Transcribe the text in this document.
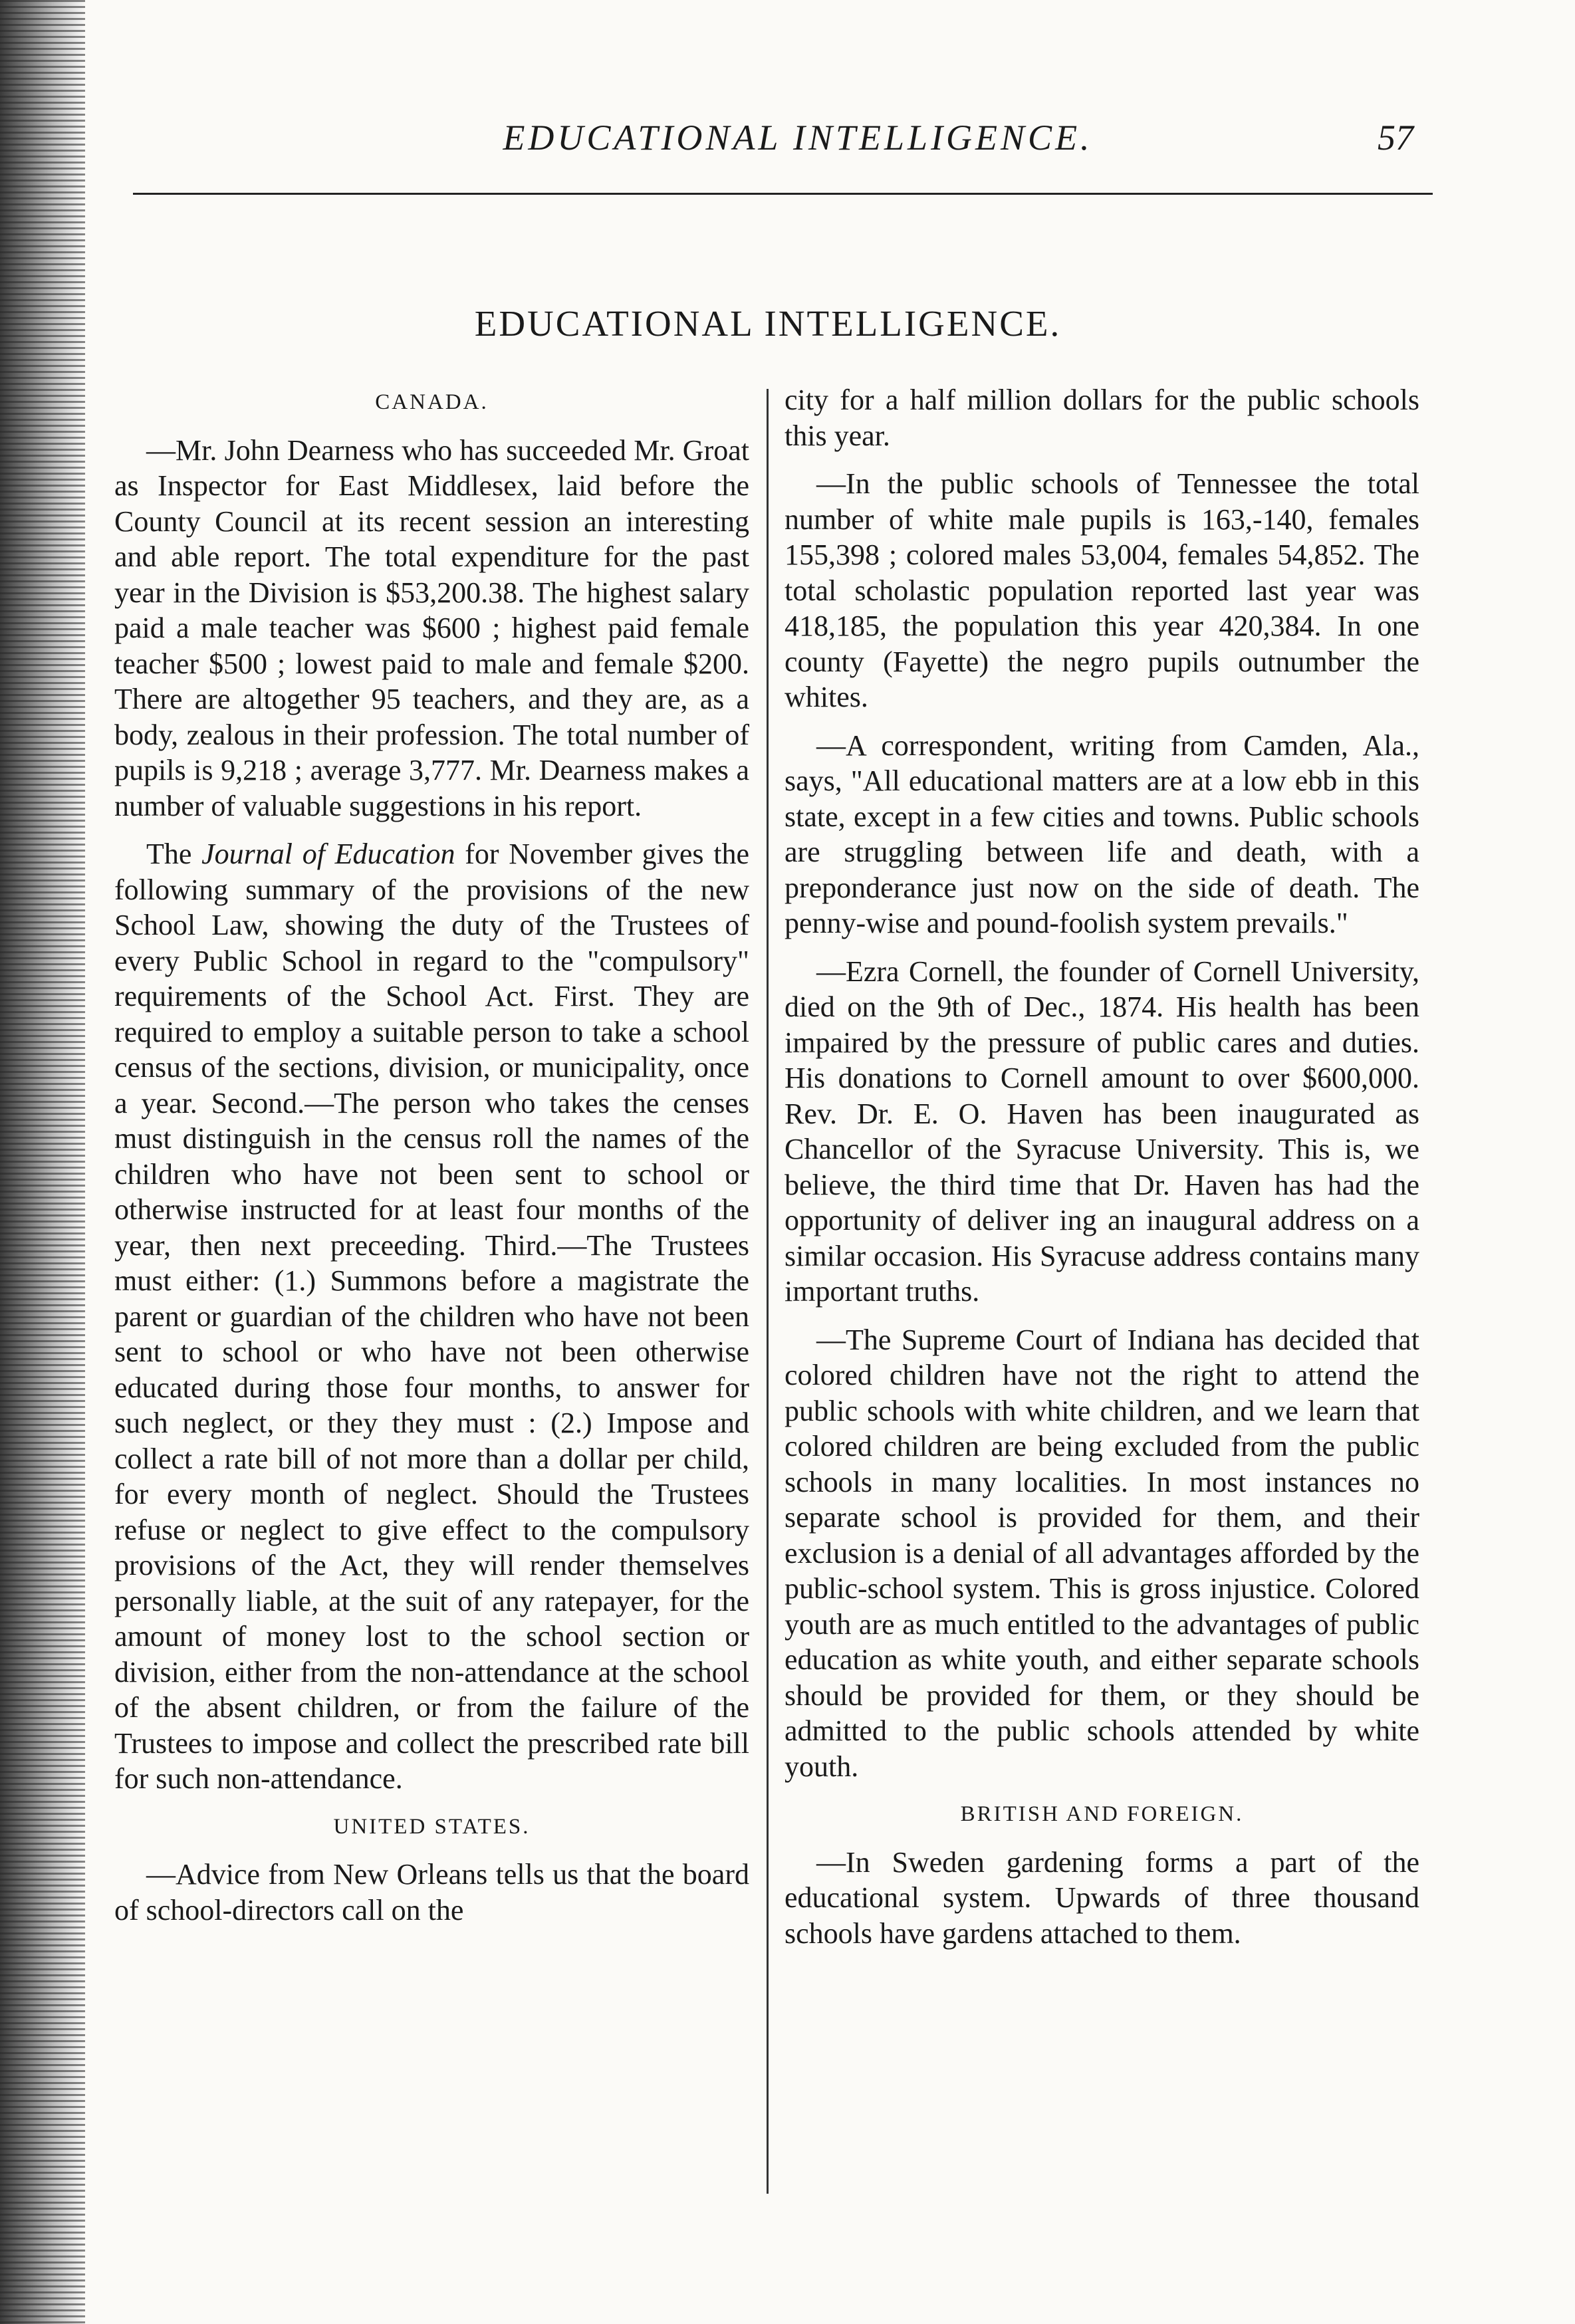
EDUCATIONAL INTELLIGENCE.	57
EDUCATIONAL INTELLIGENCE.
CANADA.

—Mr. John Dearness who has succeeded Mr. Groat as Inspector for East Middlesex, laid before the County Council at its recent session an interesting and able report. The total expenditure for the past year in the Division is $53,200.38. The highest salary paid a male teacher was $600 ; highest paid female teacher $500 ; lowest paid to male and female $200. There are altogether 95 teachers, and they are, as a body, zealous in their profession. The total number of pupils is 9,218 ; average 3,777. Mr. Dearness makes a number of valuable suggestions in his report.

The Journal of Education for November gives the following summary of the provisions of the new School Law, showing the duty of the Trustees of every Public School in regard to the "compulsory" requirements of the School Act. First. They are required to employ a suitable person to take a school census of the sections, division, or municipality, once a year. Second.—The person who takes the censes must distinguish in the census roll the names of the children who have not been sent to school or otherwise instructed for at least four months of the year, then next preceeding. Third.—The Trustees must either: (1.) Summons before a magistrate the parent or guardian of the children who have not been sent to school or who have not been otherwise educated during those four months, to answer for such neglect, or they they must : (2.) Impose and collect a rate bill of not more than a dollar per child, for every month of neglect. Should the Trustees refuse or neglect to give effect to the compulsory provisions of the Act, they will render themselves personally liable, at the suit of any ratepayer, for the amount of money lost to the school section or division, either from the non-attendance at the school of the absent children, or from the failure of the Trustees to impose and collect the prescribed rate bill for such non-attendance.

UNITED STATES.

—Advice from New Orleans tells us that the board of school-directors call on the

city for a half million dollars for the public schools this year.

—In the public schools of Tennessee the total number of white male pupils is 163,-140, females 155,398 ; colored males 53,004, females 54,852. The total scholastic population reported last year was 418,185, the population this year 420,384. In one county (Fayette) the negro pupils outnumber the whites.

—A correspondent, writing from Camden, Ala., says, "All educational matters are at a low ebb in this state, except in a few cities and towns. Public schools are struggling between life and death, with a preponderance just now on the side of death. The penny-wise and pound-foolish system prevails."

—Ezra Cornell, the founder of Cornell University, died on the 9th of Dec., 1874. His health has been impaired by the pressure of public cares and duties. His donations to Cornell amount to over $600,000. Rev. Dr. E. O. Haven has been inaugurated as Chancellor of the Syracuse University. This is, we believe, the third time that Dr. Haven has had the opportunity of deliver ing an inaugural address on a similar occasion. His Syracuse address contains many important truths.

—The Supreme Court of Indiana has decided that colored children have not the right to attend the public schools with white children, and we learn that colored children are being excluded from the public schools in many localities. In most instances no separate school is provided for them, and their exclusion is a denial of all advantages afforded by the public-school system. This is gross injustice. Colored youth are as much entitled to the advantages of public education as white youth, and either separate schools should be provided for them, or they should be admitted to the public schools attended by white youth.

BRITISH AND FOREIGN.

—In Sweden gardening forms a part of the educational system. Upwards of three thousand schools have gardens attached to them.
